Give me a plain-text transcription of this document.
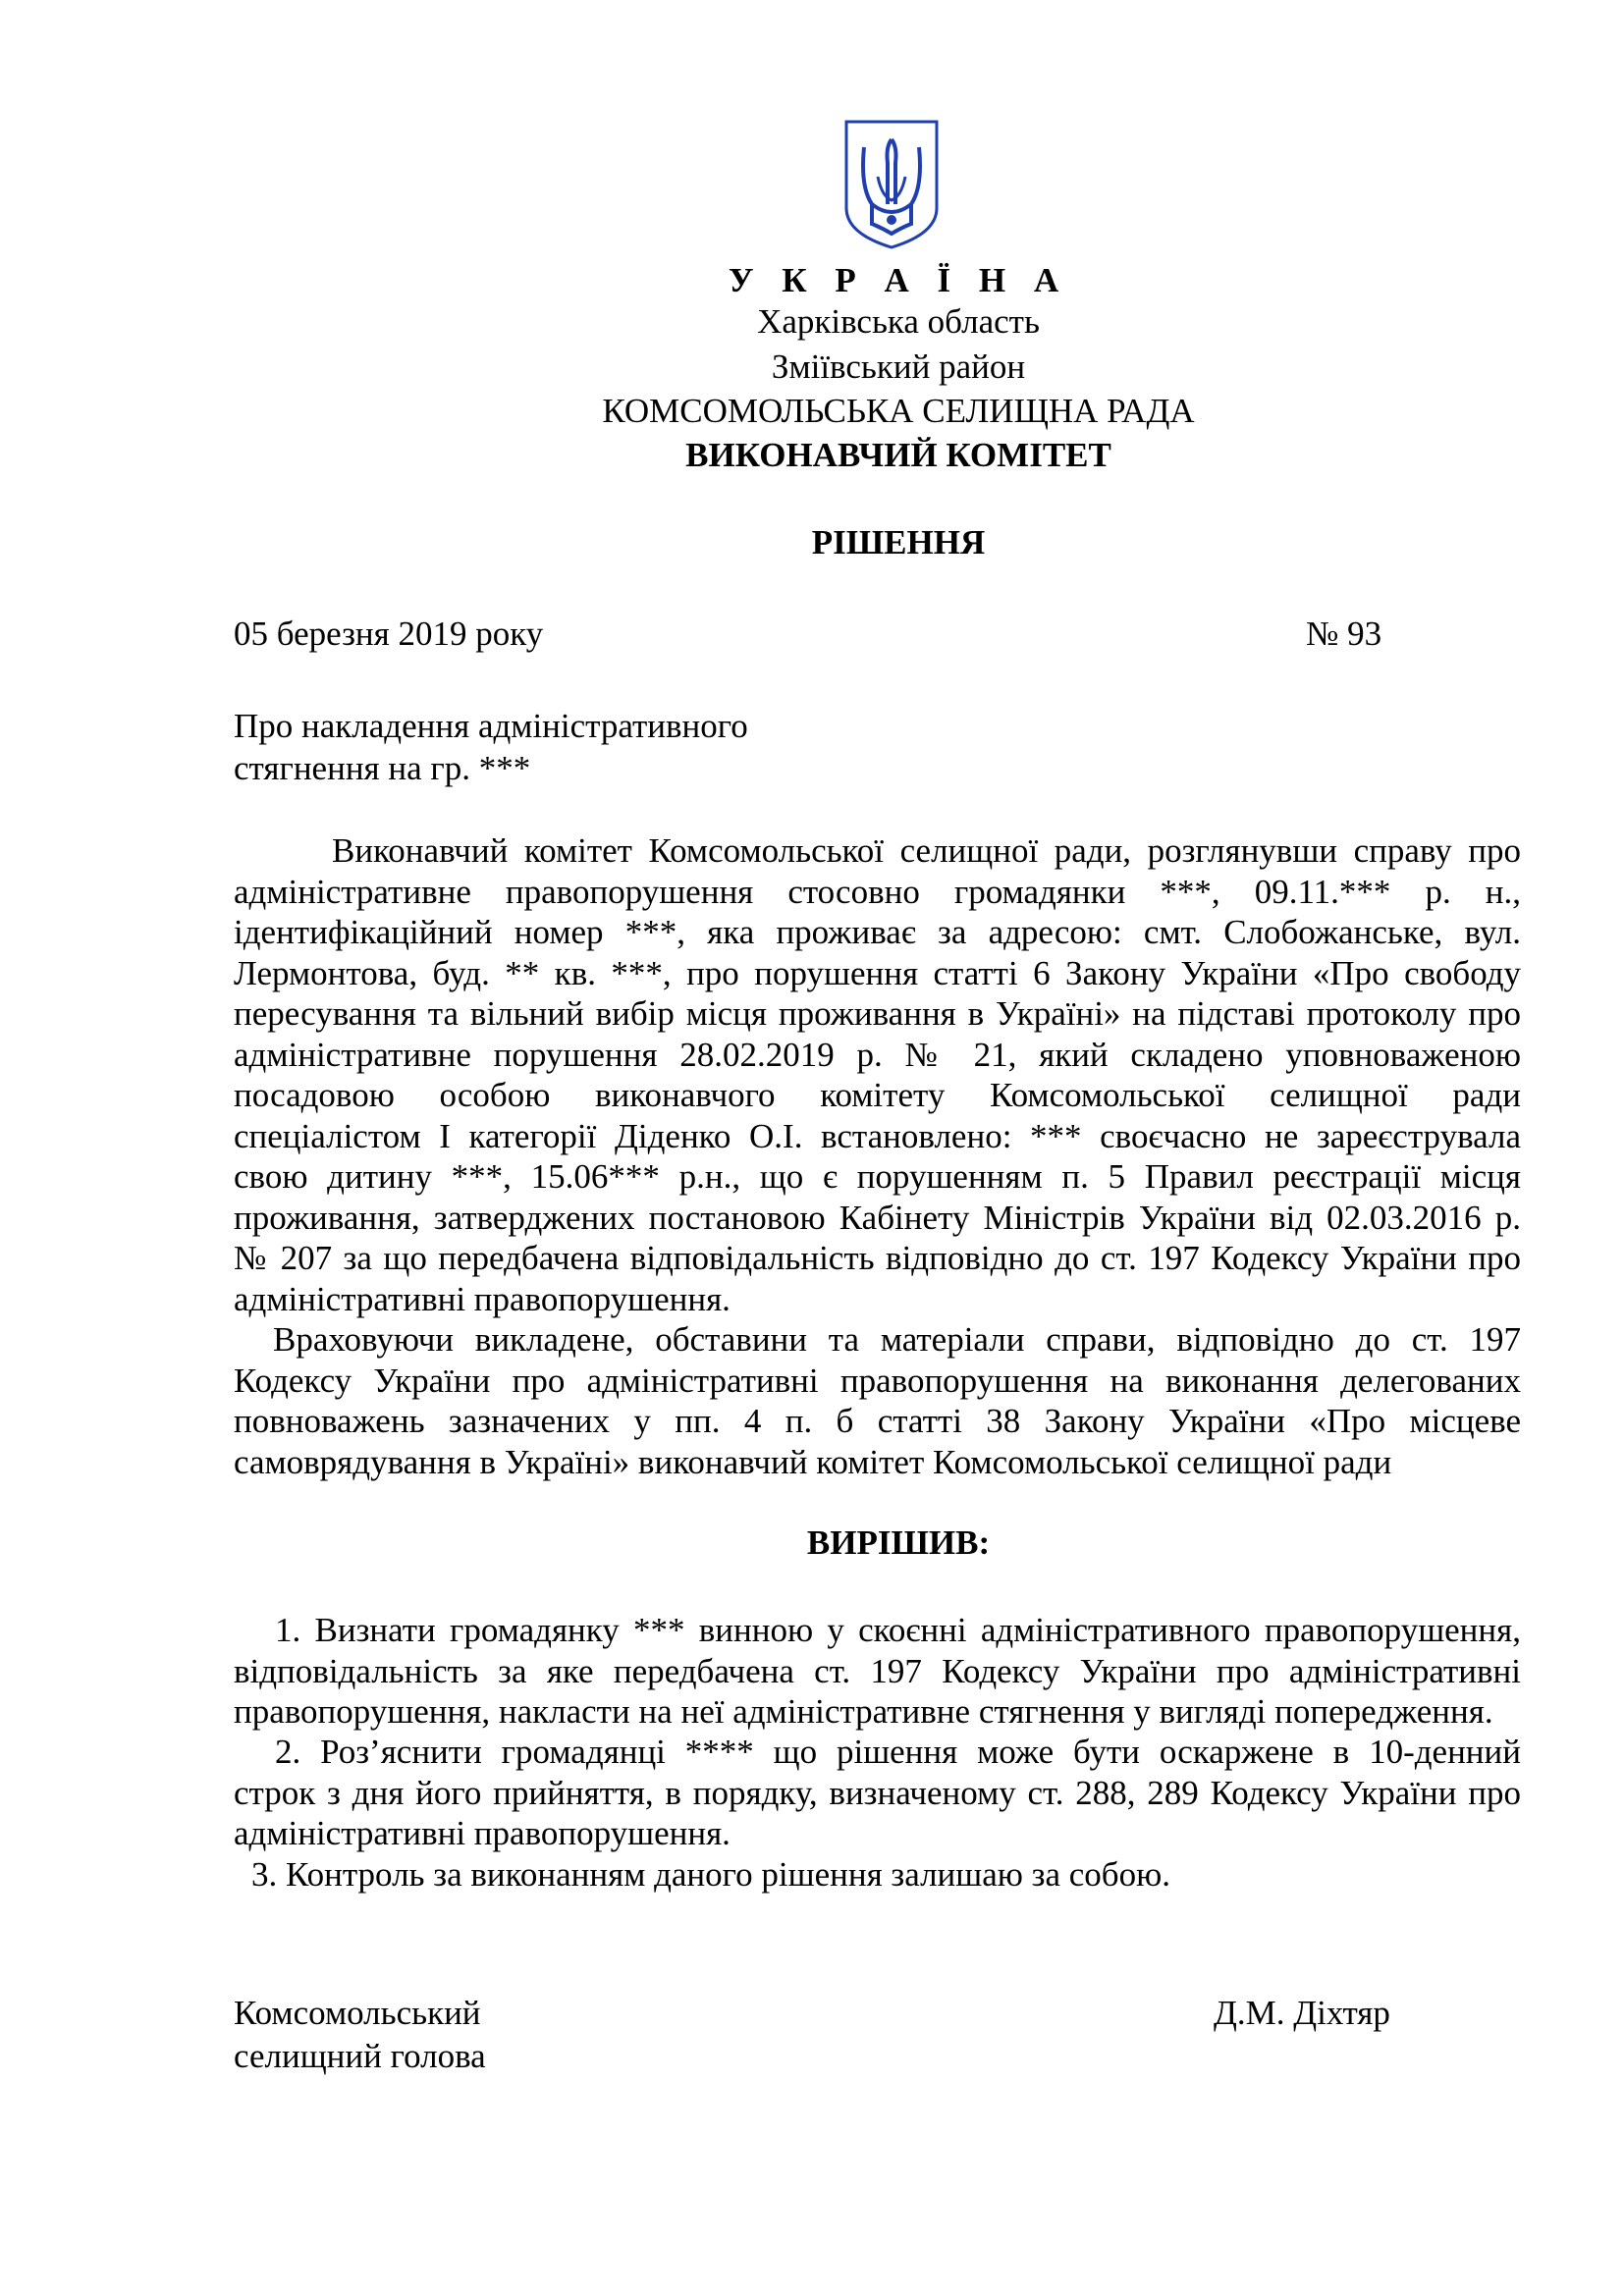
У К Р А Ї Н А
Харківська область
Зміївський район
КОМСОМОЛЬСЬКА СЕЛИЩНА РАДА
ВИКОНАВЧИЙ КОМІТЕТ
РІШЕННЯ
05 березня 2019 року	№ 93
Про накладення адміністративного
стягнення на гр. ***
Виконавчий комітет Комсомольської селищної ради, розглянувши справу про
адміністративне правопорушення стосовно громадянки ***, 09.11.*** р. н.,
ідентифікаційний номер ***, яка проживає за адресою: смт. Слобожанське, вул.
Лермонтова, буд. ** кв. ***, про порушення статті 6 Закону України «Про свободу
пересування та вільний вибір місця проживання в Україні» на підставі протоколу про
адміністративне порушення 28.02.2019 р. № 21, який складено уповноваженою
посадовою особою виконавчого комітету Комсомольської селищної ради
спеціалістом I категорії Діденко О.І. встановлено: *** своєчасно не зареєструвала
свою дитину ***, 15.06*** р.н., що є порушенням п. 5 Правил реєстрації місця
проживання, затверджених постановою Кабінету Міністрів України від 02.03.2016 р.
№ 207 за що передбачена відповідальність відповідно до ст. 197 Кодексу України про
адміністративні правопорушення.
Враховуючи викладене, обставини та матеріали справи, відповідно до ст. 197
Кодексу України про адміністративні правопорушення на виконання делегованих
повноважень зазначених у пп. 4 п. б статті 38 Закону України «Про місцеве
самоврядування в Україні» виконавчий комітет Комсомольської селищної ради
ВИРІШИВ:
1. Визнати громадянку *** винною у скоєнні адміністративного правопорушення,
відповідальність за яке передбачена ст. 197 Кодексу України про адміністративні
правопорушення, накласти на неї адміністративне стягнення у вигляді попередження.
2. Роз’яснити громадянці **** що рішення може бути оскаржене в 10-денний
строк з дня його прийняття, в порядку, визначеному ст. 288, 289 Кодексу України про
адміністративні правопорушення.
3. Контроль за виконанням даного рішення залишаю за собою.
Комсомольський
селищний голова
Д.М. Діхтяр
